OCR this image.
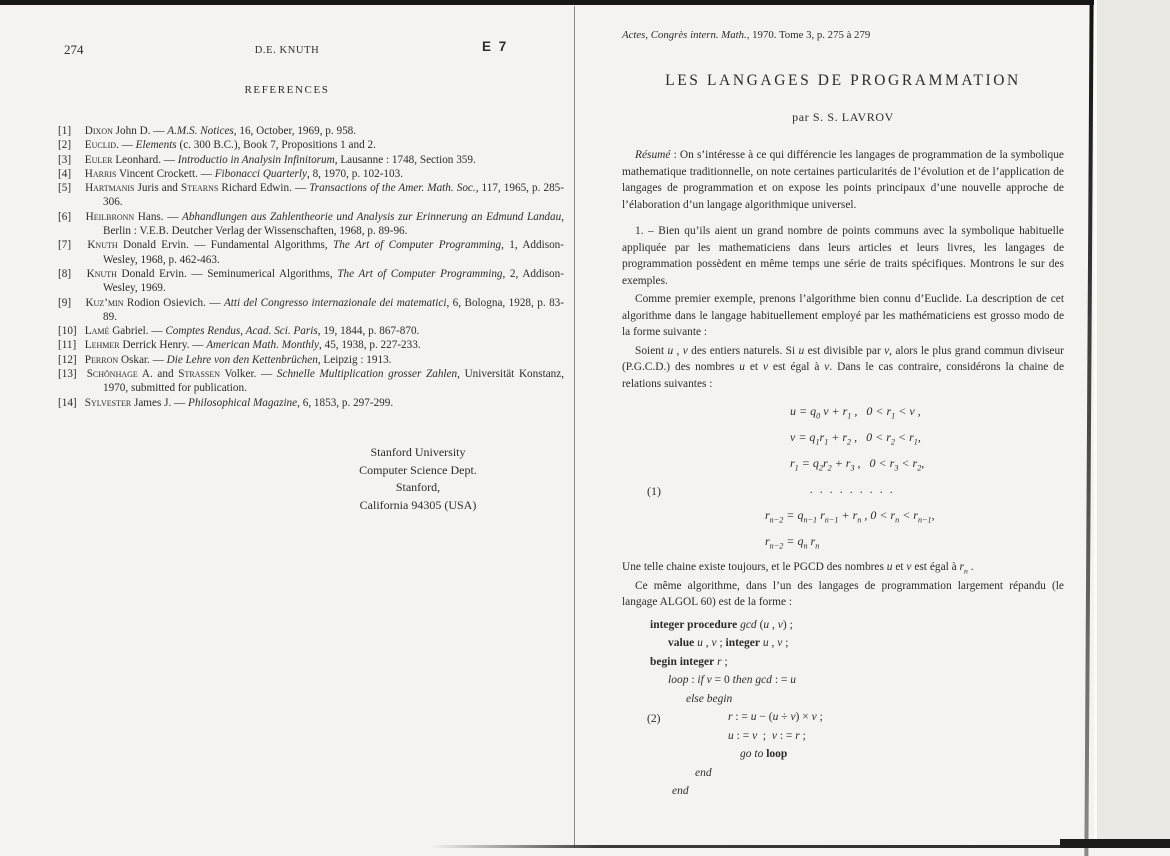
274	D.E. KNUTH	E 7
REFERENCES
[1] Dixon John D. — A.M.S. Notices, 16, October, 1969, p. 958.
[2] Euclid. — Elements (c. 300 B.C.), Book 7, Propositions 1 and 2.
[3] Euler Leonhard. — Introductio in Analysin Infinitorum, Lausanne : 1748, Section 359.
[4] Harris Vincent Crockett. — Fibonacci Quarterly, 8, 1970, p. 102-103.
[5] Hartmanis Juris and Stearns Richard Edwin. — Transactions of the Amer. Math. Soc., 117, 1965, p. 285-306.
[6] Heilbronn Hans. — Abhandlungen aus Zahlentheorie und Analysis zur Erinnerung an Edmund Landau, Berlin : V.E.B. Deutcher Verlag der Wissenschaften, 1968, p. 89-96.
[7] Knuth Donald Ervin. — Fundamental Algorithms, The Art of Computer Programming, 1, Addison-Wesley, 1968, p. 462-463.
[8] Knuth Donald Ervin. — Seminumerical Algorithms, The Art of Computer Programming, 2, Addison-Wesley, 1969.
[9] Kuz’min Rodion Osievich. — Atti del Congresso internazionale dei matematici, 6, Bologna, 1928, p. 83-89.
[10] Lamé Gabriel. — Comptes Rendus, Acad. Sci. Paris, 19, 1844, p. 867-870.
[11] Lehmer Derrick Henry. — American Math. Monthly, 45, 1938, p. 227-233.
[12] Perron Oskar. — Die Lehre von den Kettenbrüchen, Leipzig : 1913.
[13] Schönhage A. and Strassen Volker. — Schnelle Multiplication grosser Zahlen, Universität Konstanz, 1970, submitted for publication.
[14] Sylvester James J. — Philosophical Magazine, 6, 1853, p. 297-299.
Stanford University
Computer Science Dept.
Stanford,
California 94305 (USA)
Actes, Congrès intern. Math., 1970. Tome 3, p. 275 à 279
LES LANGAGES DE PROGRAMMATION
par S. S. LAVROV

Résumé : On s’intéresse à ce qui différencie les langages de programmation de la symbolique mathematique traditionnelle, on note certaines particularités de l’évolution et de l’application de langages de programmation et on expose les points principaux d’une nouvelle approche de l’élaboration d’un langage algorithmique universel.

1. – Bien qu’ils aient un grand nombre de points communs avec la symbolique habituelle appliquée par les mathematiciens dans leurs articles et leurs livres, les langages de programmation possèdent en même temps une série de traits spécifiques. Montrons le sur des exemples.

Comme premier exemple, prenons l’algorithme bien connu d’Euclide. La description de cet algorithme dans le langage habituellement employé par les mathématiciens est grosso modo de la forme suivante :

Soient u , v des entiers naturels. Si u est divisible par v, alors le plus grand commun diviseur (P.G.C.D.) des nombres u et v est égal à v. Dans le cas contraire, considérons la chaine de relations suivantes :

(1)
$u = q_0$ $v + r_1$ ,   $0 < r_1 < v$ ,
$v = q_1r_1 + r_2$ ,   $0 < r_2 < r_1$,
$r_1 = q_2r_2 + r_3$ ,   $0 < r_3 < r_2$,
. . . . . . . . .
$r_{n-2} = q_{n-1}$ $r_{n-1} + r_n$ , $0 < r_n < r_{n-1}$,
$r_{n-2} = q_n$ $r_n$

Une telle chaine existe toujours, et le PGCD des nombres u et v est égal à $r_n$ .

Ce même algorithme, dans l’un des langages de programmation largement répandu (le langage ALGOL 60) est de la forme :

(2)
integer procedure gcd (u , v) ;
value u , v ; integer u , v ;
begin integer r ;
loop : if v = 0 then gcd : = u
else begin
r : = u − (u ÷ v) × v ;
u : = v  ;  v : = r ;
go to loop
end
end
